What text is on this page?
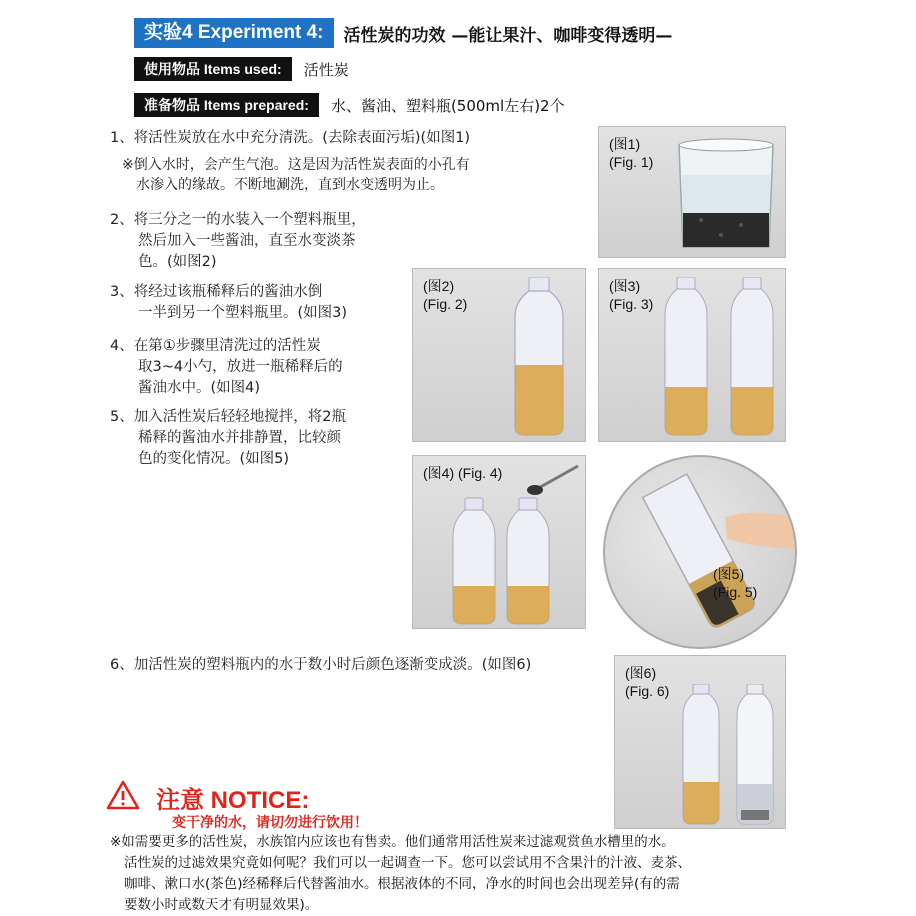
实验4 Experiment 4:	活性炭的功效 —能让果汁、咖啡变得透明—
使用物品 Items used:	活性炭
准备物品 Items prepared:	水、酱油、塑料瓶(500ml左右)2个

1、将活性炭放在水中充分清洗。(去除表面污垢)(如图1)

※倒入水时，会产生气泡。这是因为活性炭表面的小孔有

水渗入的缘故。不断地涮洗，直到水变透明为止。

2、将三分之一的水装入一个塑料瓶里，

然后加入一些酱油，直至水变淡茶

色。(如图2)

3、将经过该瓶稀释后的酱油水倒

一半到另一个塑料瓶里。(如图3)

4、在第①步骤里清洗过的活性炭

取3~4小勺，放进一瓶稀释后的

酱油水中。(如图4)

5、加入活性炭后轻轻地搅拌，将2瓶

稀释的酱油水并排静置，比较颜

色的变化情况。(如图5)

6、加活性炭的塑料瓶内的水于数小时后颜色逐渐变成淡。(如图6)

(图1)
(Fig. 1)
(图2)
(Fig. 2)
(图3)
(Fig. 3)
(图4) (Fig. 4)
(图5)
(Fig. 5)
(图6)
(Fig. 6)
注意 NOTICE:
变干净的水，请切勿进行饮用！
※如需要更多的活性炭，水族馆内应该也有售卖。他们通常用活性炭来过滤观赏鱼水槽里的水。
活性炭的过滤效果究竟如何呢？我们可以一起调查一下。您可以尝试用不含果汁的汁液、麦茶、
咖啡、漱口水(茶色)经稀释后代替酱油水。根据液体的不同，净水的时间也会出现差异(有的需
要数小时或数天才有明显效果)。
